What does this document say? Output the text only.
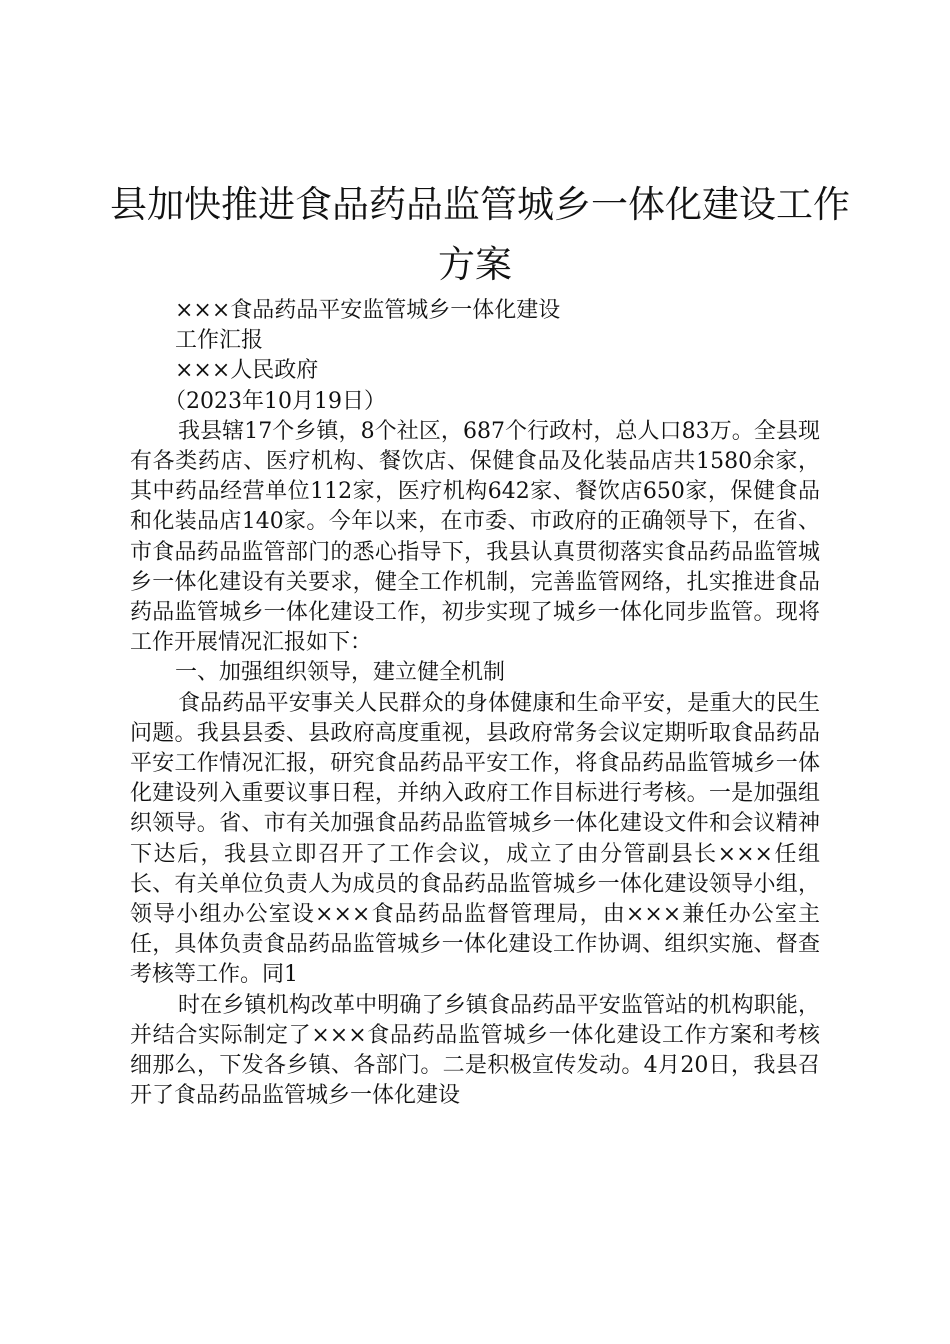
县加快推进食品药品监管城乡一体化建设工作
方案

×××食品药品平安监管城乡一体化建设

工作汇报

×××人民政府

（2023年10月19日）

我县辖17个乡镇，8个社区，687个行政村，总人口83万。全县现有各类药店、医疗机构、餐饮店、保健食品及化装品店共1580余家，其中药品经营单位112家，医疗机构642家、餐饮店650家，保健食品和化装品店140家。今年以来，在市委、市政府的正确领导下，在省、市食品药品监管部门的悉心指导下，我县认真贯彻落实食品药品监管城乡一体化建设有关要求，健全工作机制，完善监管网络，扎实推进食品药品监管城乡一体化建设工作，初步实现了城乡一体化同步监管。现将工作开展情况汇报如下：

一、加强组织领导，建立健全机制

食品药品平安事关人民群众的身体健康和生命平安，是重大的民生问题。我县县委、县政府高度重视，县政府常务会议定期听取食品药品平安工作情况汇报，研究食品药品平安工作，将食品药品监管城乡一体化建设列入重要议事日程，并纳入政府工作目标进行考核。一是加强组织领导。省、市有关加强食品药品监管城乡一体化建设文件和会议精神下达后，我县立即召开了工作会议，成立了由分管副县长×××任组长、有关单位负责人为成员的食品药品监管城乡一体化建设领导小组，领导小组办公室设×××食品药品监督管理局，由×××兼任办公室主任，具体负责食品药品监管城乡一体化建设工作协调、组织实施、督查考核等工作。同1

时在乡镇机构改革中明确了乡镇食品药品平安监管站的机构职能，并结合实际制定了×××食品药品监管城乡一体化建设工作方案和考核细那么，下发各乡镇、各部门。二是积极宣传发动。4月20日，我县召开了食品药品监管城乡一体化建设
